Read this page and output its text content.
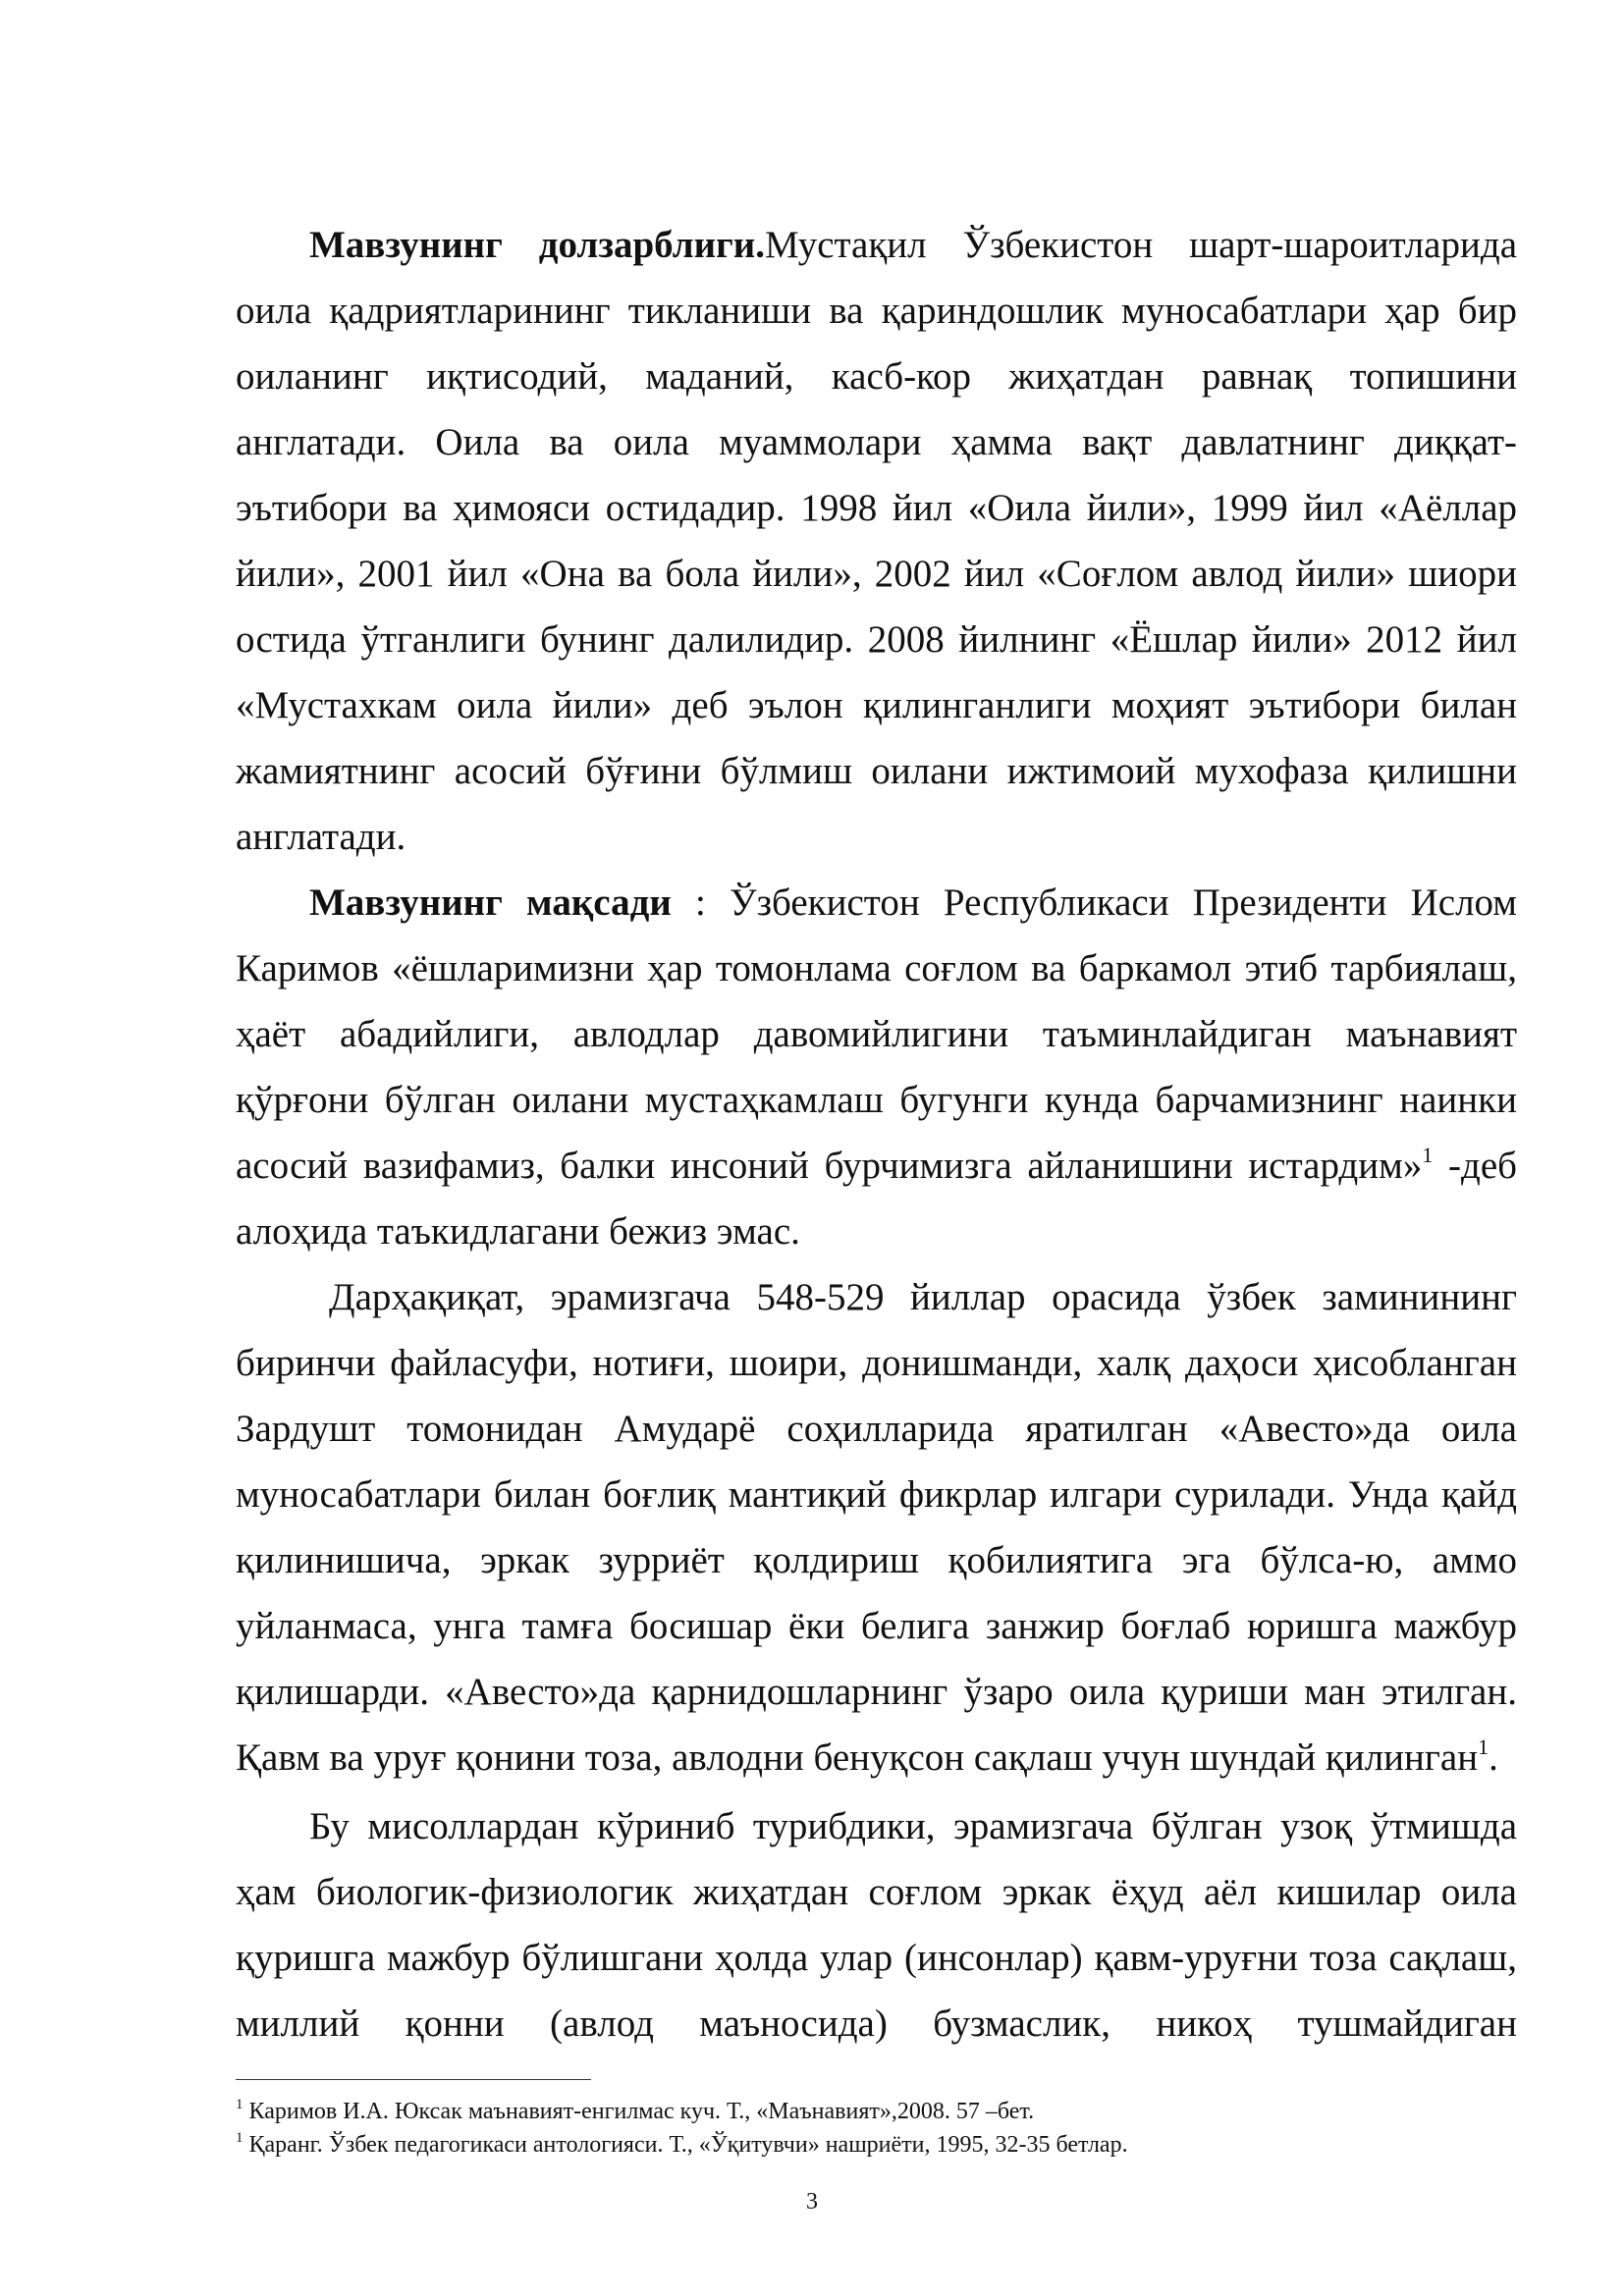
Мавзунинг долзарблиги.Мустақил Ўзбекистон шарт-шароитларида
оила қадриятларининг тикланиши ва қариндошлик муносабатлари ҳар бир
оиланинг иқтисодий, маданий, касб-кор жиҳатдан равнақ топишини
англатади. Оила ва оила муаммолари ҳамма вақт давлатнинг диққат-
эътибори ва ҳимояси остидадир. 1998 йил «Оила йили», 1999 йил «Аёллар
йили», 2001 йил «Она ва бола йили», 2002 йил «Соғлом авлод йили» шиори
остида ўтганлиги бунинг далилидир. 2008 йилнинг «Ёшлар йили» 2012 йил
«Мустахкам оила йили» деб эълон қилинганлиги моҳият эътибори билан
жамиятнинг асосий бўғини бўлмиш оилани ижтимоий мухофаза қилишни
англатади.
Мавзунинг мақсади : Ўзбекистон Республикаси Президенти Ислом
Каримов «ёшларимизни ҳар томонлама соғлом ва баркамол этиб тарбиялаш,
ҳаёт абадийлиги, авлодлар давомийлигини таъминлайдиган маънавият
қўрғони бўлган оилани мустаҳкамлаш бугунги кунда барчамизнинг наинки
асосий вазифамиз, балки инсоний бурчимизга айланишини истардим»$^1$ -деб
алоҳида таъкидлагани бежиз эмас.
Дарҳақиқат, эрамизгача 548-529 йиллар орасида ўзбек заминининг
биринчи файласуфи, нотиғи, шоири, донишманди, халқ даҳоси ҳисобланган
Зардушт томонидан Амударё соҳилларида яратилган «Авесто»да оила
муносабатлари билан боғлиқ мантиқий фикрлар илгари сурилади. Унда қайд
қилинишича, эркак зурриёт қолдириш қобилиятига эга бўлса-ю, аммо
уйланмаса, унга тамға босишар ёки белига занжир боғлаб юришга мажбур
қилишарди. «Авесто»да қарнидошларнинг ўзаро оила қуриши ман этилган.
Қавм ва уруғ қонини тоза, авлодни бенуқсон сақлаш учун шундай қилинган$^1$.
Бу мисоллардан кўриниб турибдики, эрамизгача бўлган узоқ ўтмишда
ҳам биологик-физиологик жиҳатдан соғлом эркак ёҳуд аёл кишилар оила
қуришга мажбур бўлишгани ҳолда улар (инсонлар) қавм-уруғни тоза сақлаш,
миллий қонни (авлод маъносида) бузмаслик, никоҳ тушмайдиган
$^1$ Каримов И.А. Юксак маънавият-енгилмас куч. Т., «Маънавият»,2008. 57 –бет.
$^1$ Қаранг. Ўзбек педагогикаси антологияси. Т., «Ўқитувчи» нашриёти, 1995, 32-35 бетлар.
3
